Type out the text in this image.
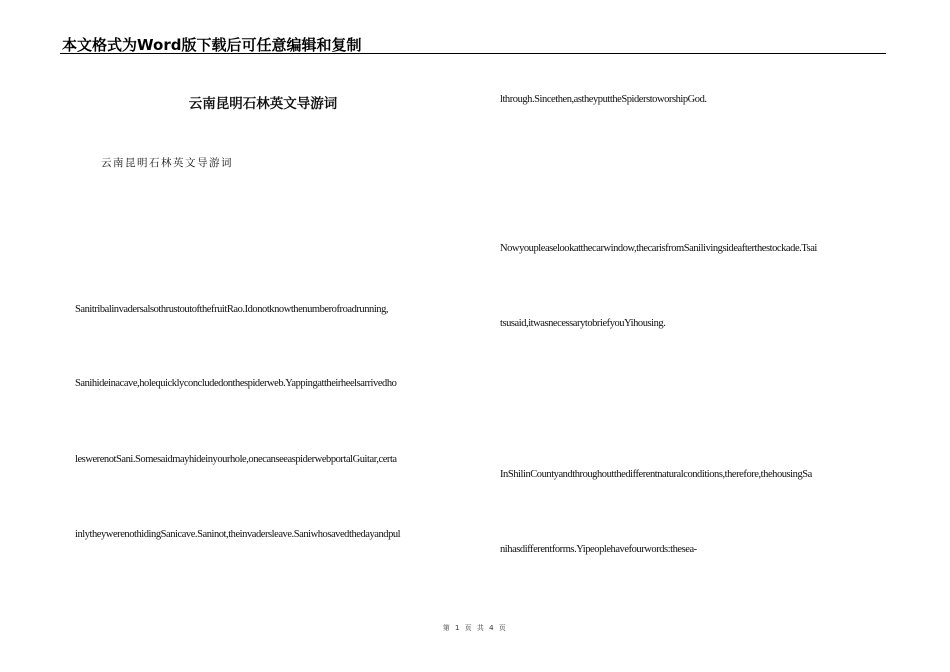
本文格式为Word版下载后可任意编辑和复制
云南昆明石林英文导游词
云南昆明石林英文导游词
SanitribalinvadersalsothrustoutofthefruitRao.Idonotknowthenumberofroadrunning,
Sanihideinacave,holequicklyconcludedonthespiderweb.Yappingattheirheelsarrivedho
leswerenotSani.Somesaidmayhideinyourhole,onecanseeaspiderwebportalGuitar,certa
inlytheywerenothidingSanicave.Saninot,theinvadersleave.Saniwhosavedthedayandpul
lthrough.Sincethen,astheyputtheSpiderstoworshipGod.
Nowyoupleaselookatthecarwindow,thecarisfromSanilivingsideafterthestockade.Tsai
tsusaid,itwasnecessarytobriefyouYihousing.
InShilinCountyandthroughoutthedifferentnaturalconditions,therefore,thehousingSa
nihasdifferentforms.Yipeoplehavefourwords:thesea-
第 1 页 共 4 页
